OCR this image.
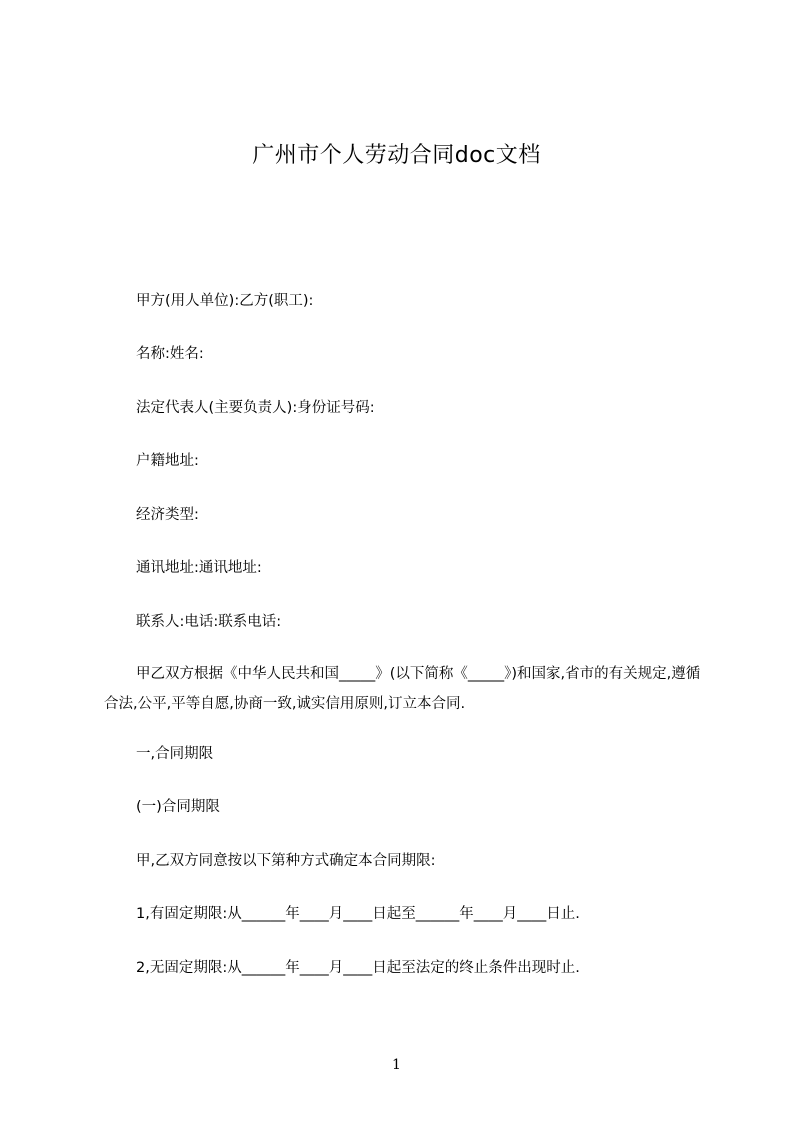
广州市个人劳动合同doc文档
甲方(用人单位):乙方(职工):
名称:姓名:
法定代表人(主要负责人):身份证号码:
户籍地址:
经济类型:
通讯地址:通讯地址:
联系人:电话:联系电话:
甲乙双方根据《中华人民共和国_____》(以下简称《_____》)和国家,省市的有关规定,遵循合法,公平,平等自愿,协商一致,诚实信用原则,订立本合同.
一,合同期限
(一)合同期限
甲,乙双方同意按以下第种方式确定本合同期限:
1,有固定期限:从______年____月____日起至______年____月____日止.
2,无固定期限:从______年____月____日起至法定的终止条件出现时止.
1
